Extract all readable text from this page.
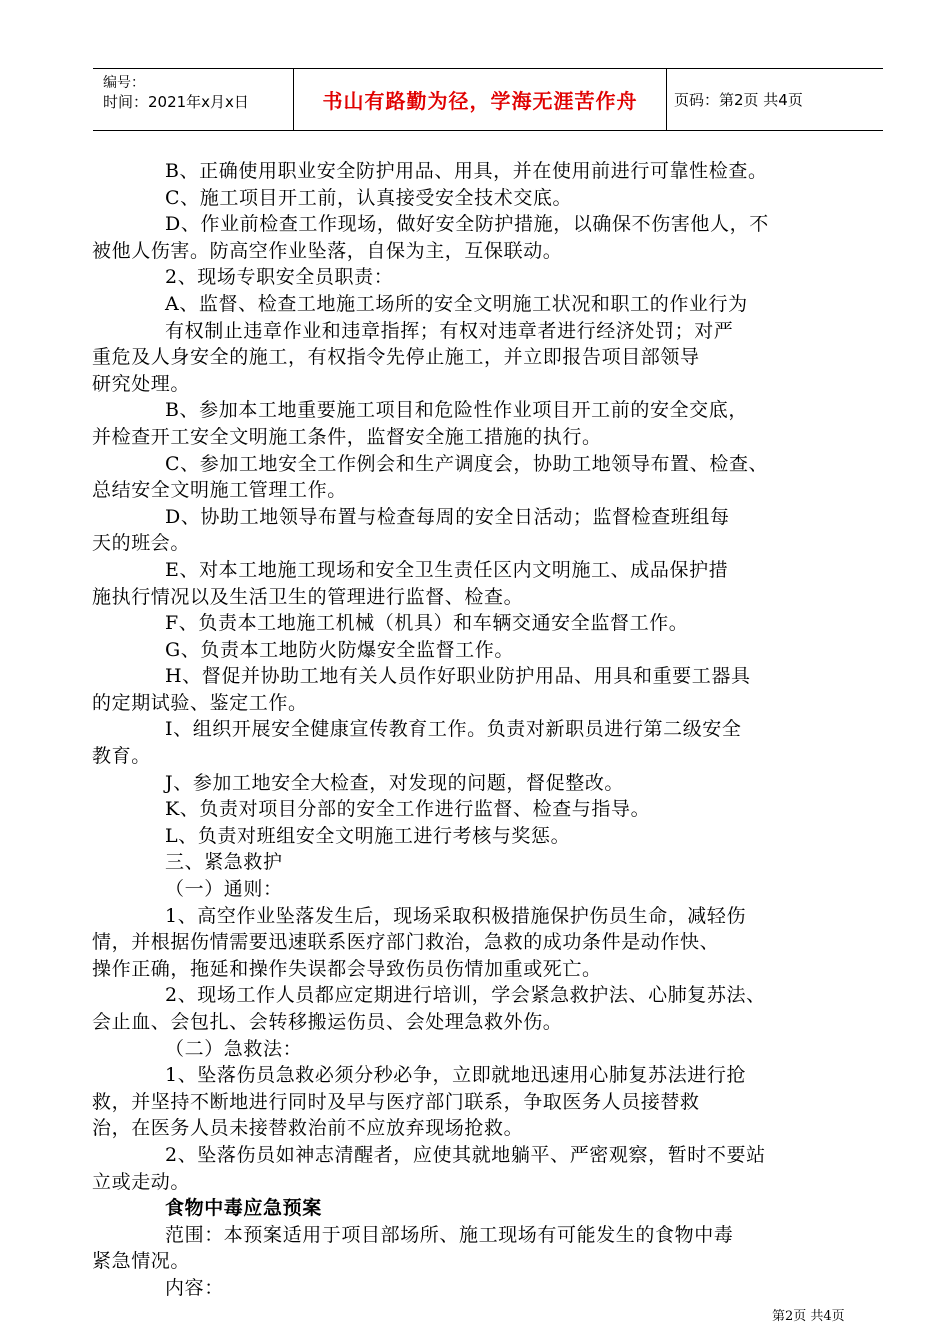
编号：
时间：2021年x月x日	书山有路勤为径，学海无涯苦作舟 页码：第2页 共4页
B、正确使用职业安全防护用品、用具，并在使用前进行可靠性检查。
C、施工项目开工前，认真接受安全技术交底。
D、作业前检查工作现场，做好安全防护措施，以确保不伤害他人，不
被他人伤害。防高空作业坠落，自保为主，互保联动。
2、现场专职安全员职责：
A、监督、检查工地施工场所的安全文明施工状况和职工的作业行为
有权制止违章作业和违章指挥；有权对违章者进行经济处罚；对严
重危及人身安全的施工，有权指令先停止施工，并立即报告项目部领导
研究处理。
B、参加本工地重要施工项目和危险性作业项目开工前的安全交底，
并检查开工安全文明施工条件，监督安全施工措施的执行。
C、参加工地安全工作例会和生产调度会，协助工地领导布置、检查、
总结安全文明施工管理工作。
D、协助工地领导布置与检查每周的安全日活动；监督检查班组每
天的班会。
E、对本工地施工现场和安全卫生责任区内文明施工、成品保护措
施执行情况以及生活卫生的管理进行监督、检查。
F、负责本工地施工机械（机具）和车辆交通安全监督工作。
G、负责本工地防火防爆安全监督工作。
H、督促并协助工地有关人员作好职业防护用品、用具和重要工器具
的定期试验、鉴定工作。
I、组织开展安全健康宣传教育工作。负责对新职员进行第二级安全
教育。
J、参加工地安全大检查，对发现的问题，督促整改。
K、负责对项目分部的安全工作进行监督、检查与指导。
L、负责对班组安全文明施工进行考核与奖惩。
三、紧急救护
（一）通则：
1、高空作业坠落发生后，现场采取积极措施保护伤员生命，减轻伤
情，并根据伤情需要迅速联系医疗部门救治，急救的成功条件是动作快、
操作正确，拖延和操作失误都会导致伤员伤情加重或死亡。
2、现场工作人员都应定期进行培训，学会紧急救护法、心肺复苏法、
会止血、会包扎、会转移搬运伤员、会处理急救外伤。
（二）急救法：
1、坠落伤员急救必须分秒必争，立即就地迅速用心肺复苏法进行抢
救，并坚持不断地进行同时及早与医疗部门联系，争取医务人员接替救
治，在医务人员未接替救治前不应放弃现场抢救。
2、坠落伤员如神志清醒者，应使其就地躺平、严密观察，暂时不要站
立或走动。
食物中毒应急预案
范围：本预案适用于项目部场所、施工现场有可能发生的食物中毒
紧急情况。
内容：
第2页 共4页
